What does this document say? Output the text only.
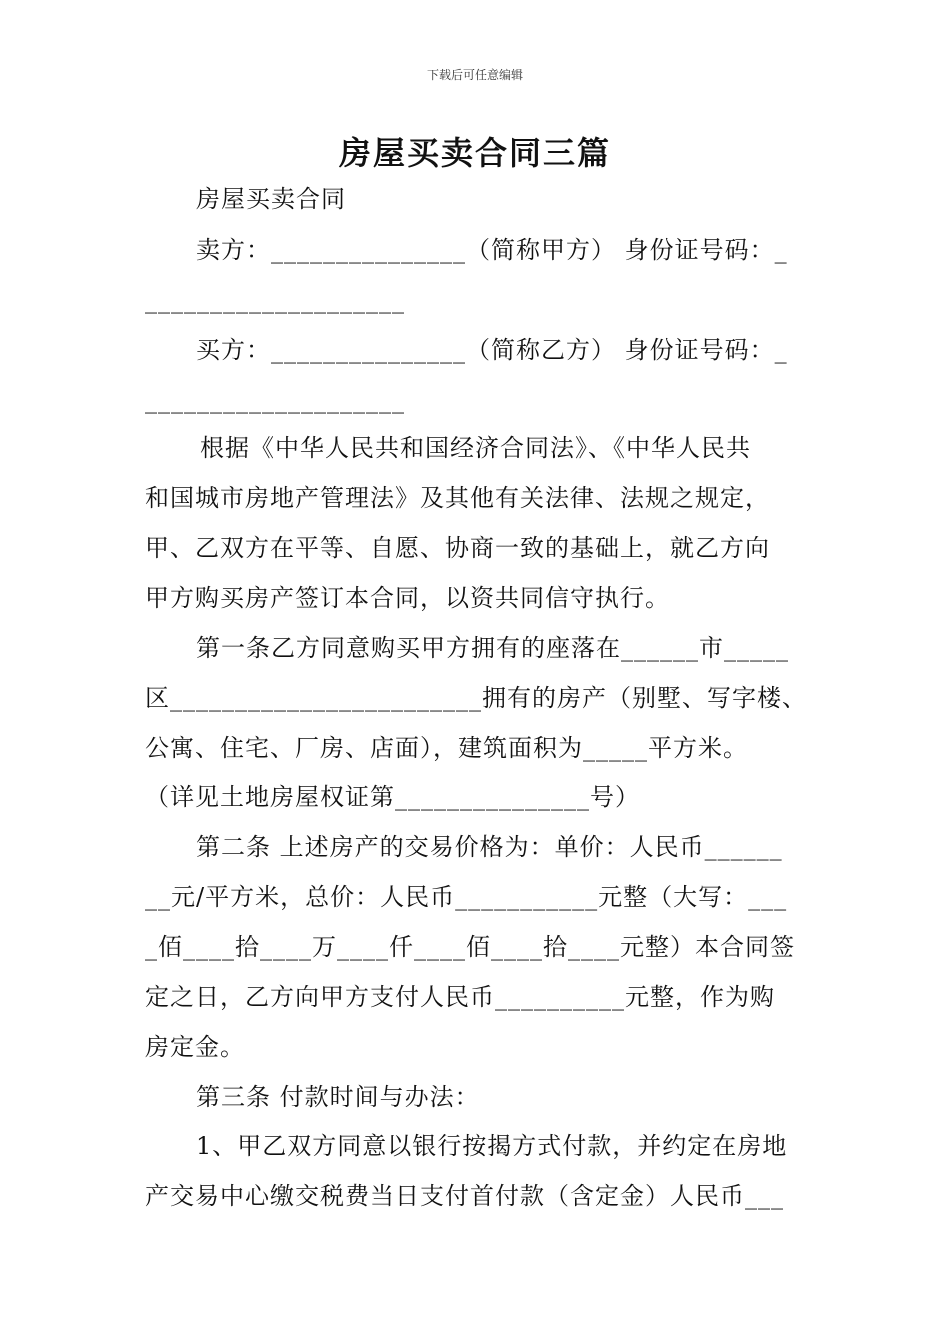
下载后可任意编辑
房屋买卖合同三篇
房屋买卖合同
卖方：_______________（简称甲方） 身份证号码：_
____________________
买方：_______________（简称乙方） 身份证号码：_
____________________
根据《中华人民共和国经济合同法》、《中华人民共
和国城市房地产管理法》及其他有关法律、法规之规定，
甲、乙双方在平等、自愿、协商一致的基础上，就乙方向
甲方购买房产签订本合同，以资共同信守执行。
第一条乙方同意购买甲方拥有的座落在______市_____
区________________________拥有的房产（别墅、写字楼、
公寓、住宅、厂房、店面），建筑面积为_____平方米。
（详见土地房屋权证第_______________号）
第二条 上述房产的交易价格为：单价：人民币______
__元/平方米，总价：人民币___________元整（大写：___
_佰____拾____万____仟____佰____拾____元整）本合同签
定之日，乙方向甲方支付人民币__________元整，作为购
房定金。
第三条 付款时间与办法：
1、甲乙双方同意以银行按揭方式付款，并约定在房地
产交易中心缴交税费当日支付首付款（含定金）人民币___
